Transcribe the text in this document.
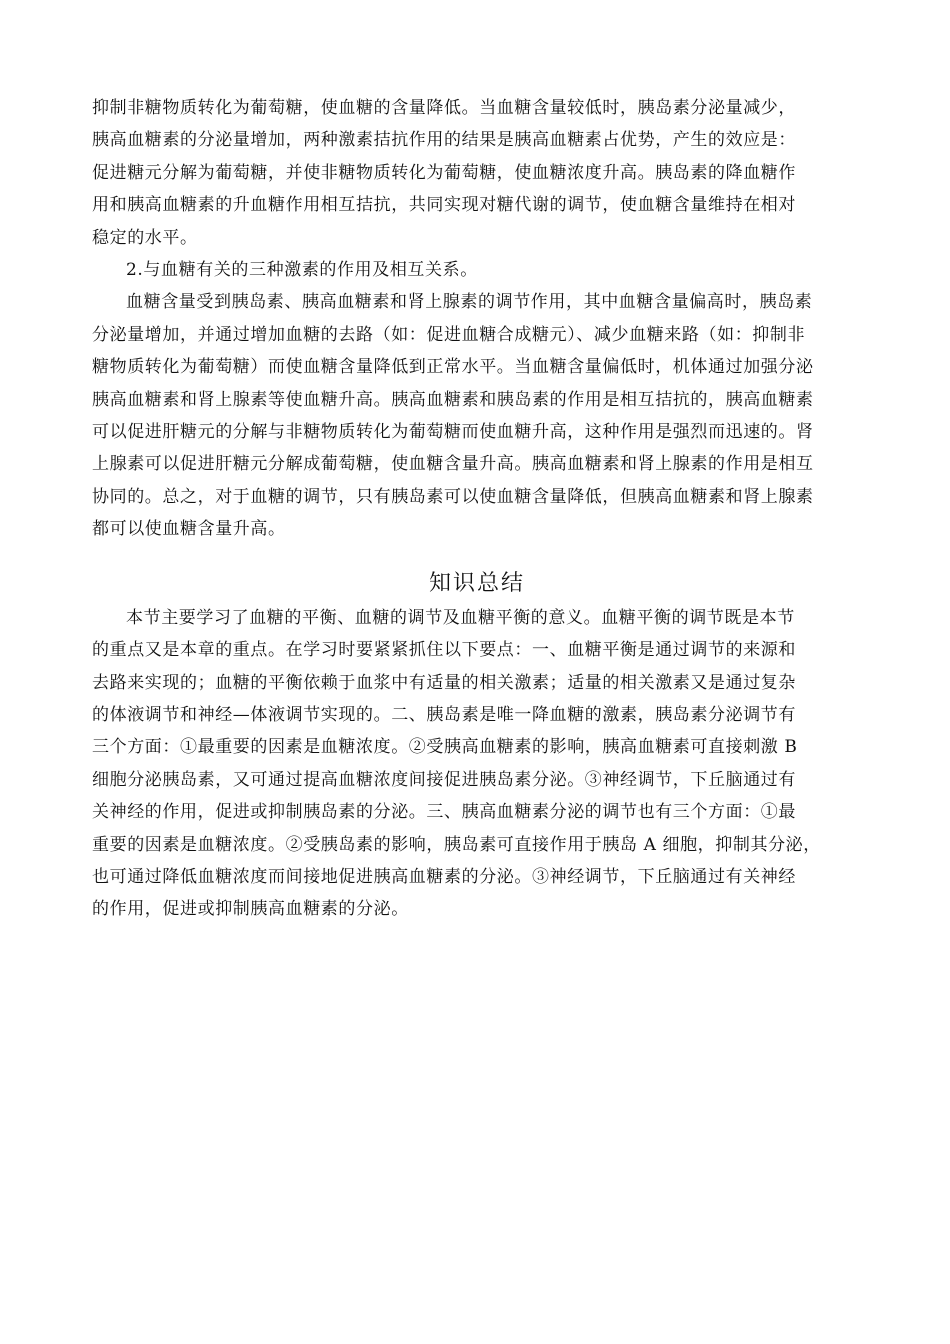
抑制非糖物质转化为葡萄糖，使血糖的含量降低。当血糖含量较低时，胰岛素分泌量减少，
胰高血糖素的分泌量增加，两种激素拮抗作用的结果是胰高血糖素占优势，产生的效应是：
促进糖元分解为葡萄糖，并使非糖物质转化为葡萄糖，使血糖浓度升高。胰岛素的降血糖作
用和胰高血糖素的升血糖作用相互拮抗，共同实现对糖代谢的调节，使血糖含量维持在相对
稳定的水平。
2.与血糖有关的三种激素的作用及相互关系。
血糖含量受到胰岛素、胰高血糖素和肾上腺素的调节作用，其中血糖含量偏高时，胰岛素
分泌量增加，并通过增加血糖的去路（如：促进血糖合成糖元）、减少血糖来路（如：抑制非
糖物质转化为葡萄糖）而使血糖含量降低到正常水平。当血糖含量偏低时，机体通过加强分泌
胰高血糖素和肾上腺素等使血糖升高。胰高血糖素和胰岛素的作用是相互拮抗的，胰高血糖素
可以促进肝糖元的分解与非糖物质转化为葡萄糖而使血糖升高，这种作用是强烈而迅速的。肾
上腺素可以促进肝糖元分解成葡萄糖，使血糖含量升高。胰高血糖素和肾上腺素的作用是相互
协同的。总之，对于血糖的调节，只有胰岛素可以使血糖含量降低，但胰高血糖素和肾上腺素
都可以使血糖含量升高。
知识总结
本节主要学习了血糖的平衡、血糖的调节及血糖平衡的意义。血糖平衡的调节既是本节
的重点又是本章的重点。在学习时要紧紧抓住以下要点：一、血糖平衡是通过调节的来源和
去路来实现的；血糖的平衡依赖于血浆中有适量的相关激素；适量的相关激素又是通过复杂
的体液调节和神经—体液调节实现的。二、胰岛素是唯一降血糖的激素，胰岛素分泌调节有
三个方面：①最重要的因素是血糖浓度。②受胰高血糖素的影响，胰高血糖素可直接刺激 B
细胞分泌胰岛素，又可通过提高血糖浓度间接促进胰岛素分泌。③神经调节，下丘脑通过有
关神经的作用，促进或抑制胰岛素的分泌。三、胰高血糖素分泌的调节也有三个方面：①最
重要的因素是血糖浓度。②受胰岛素的影响，胰岛素可直接作用于胰岛 A 细胞，抑制其分泌，
也可通过降低血糖浓度而间接地促进胰高血糖素的分泌。③神经调节，下丘脑通过有关神经
的作用，促进或抑制胰高血糖素的分泌。
